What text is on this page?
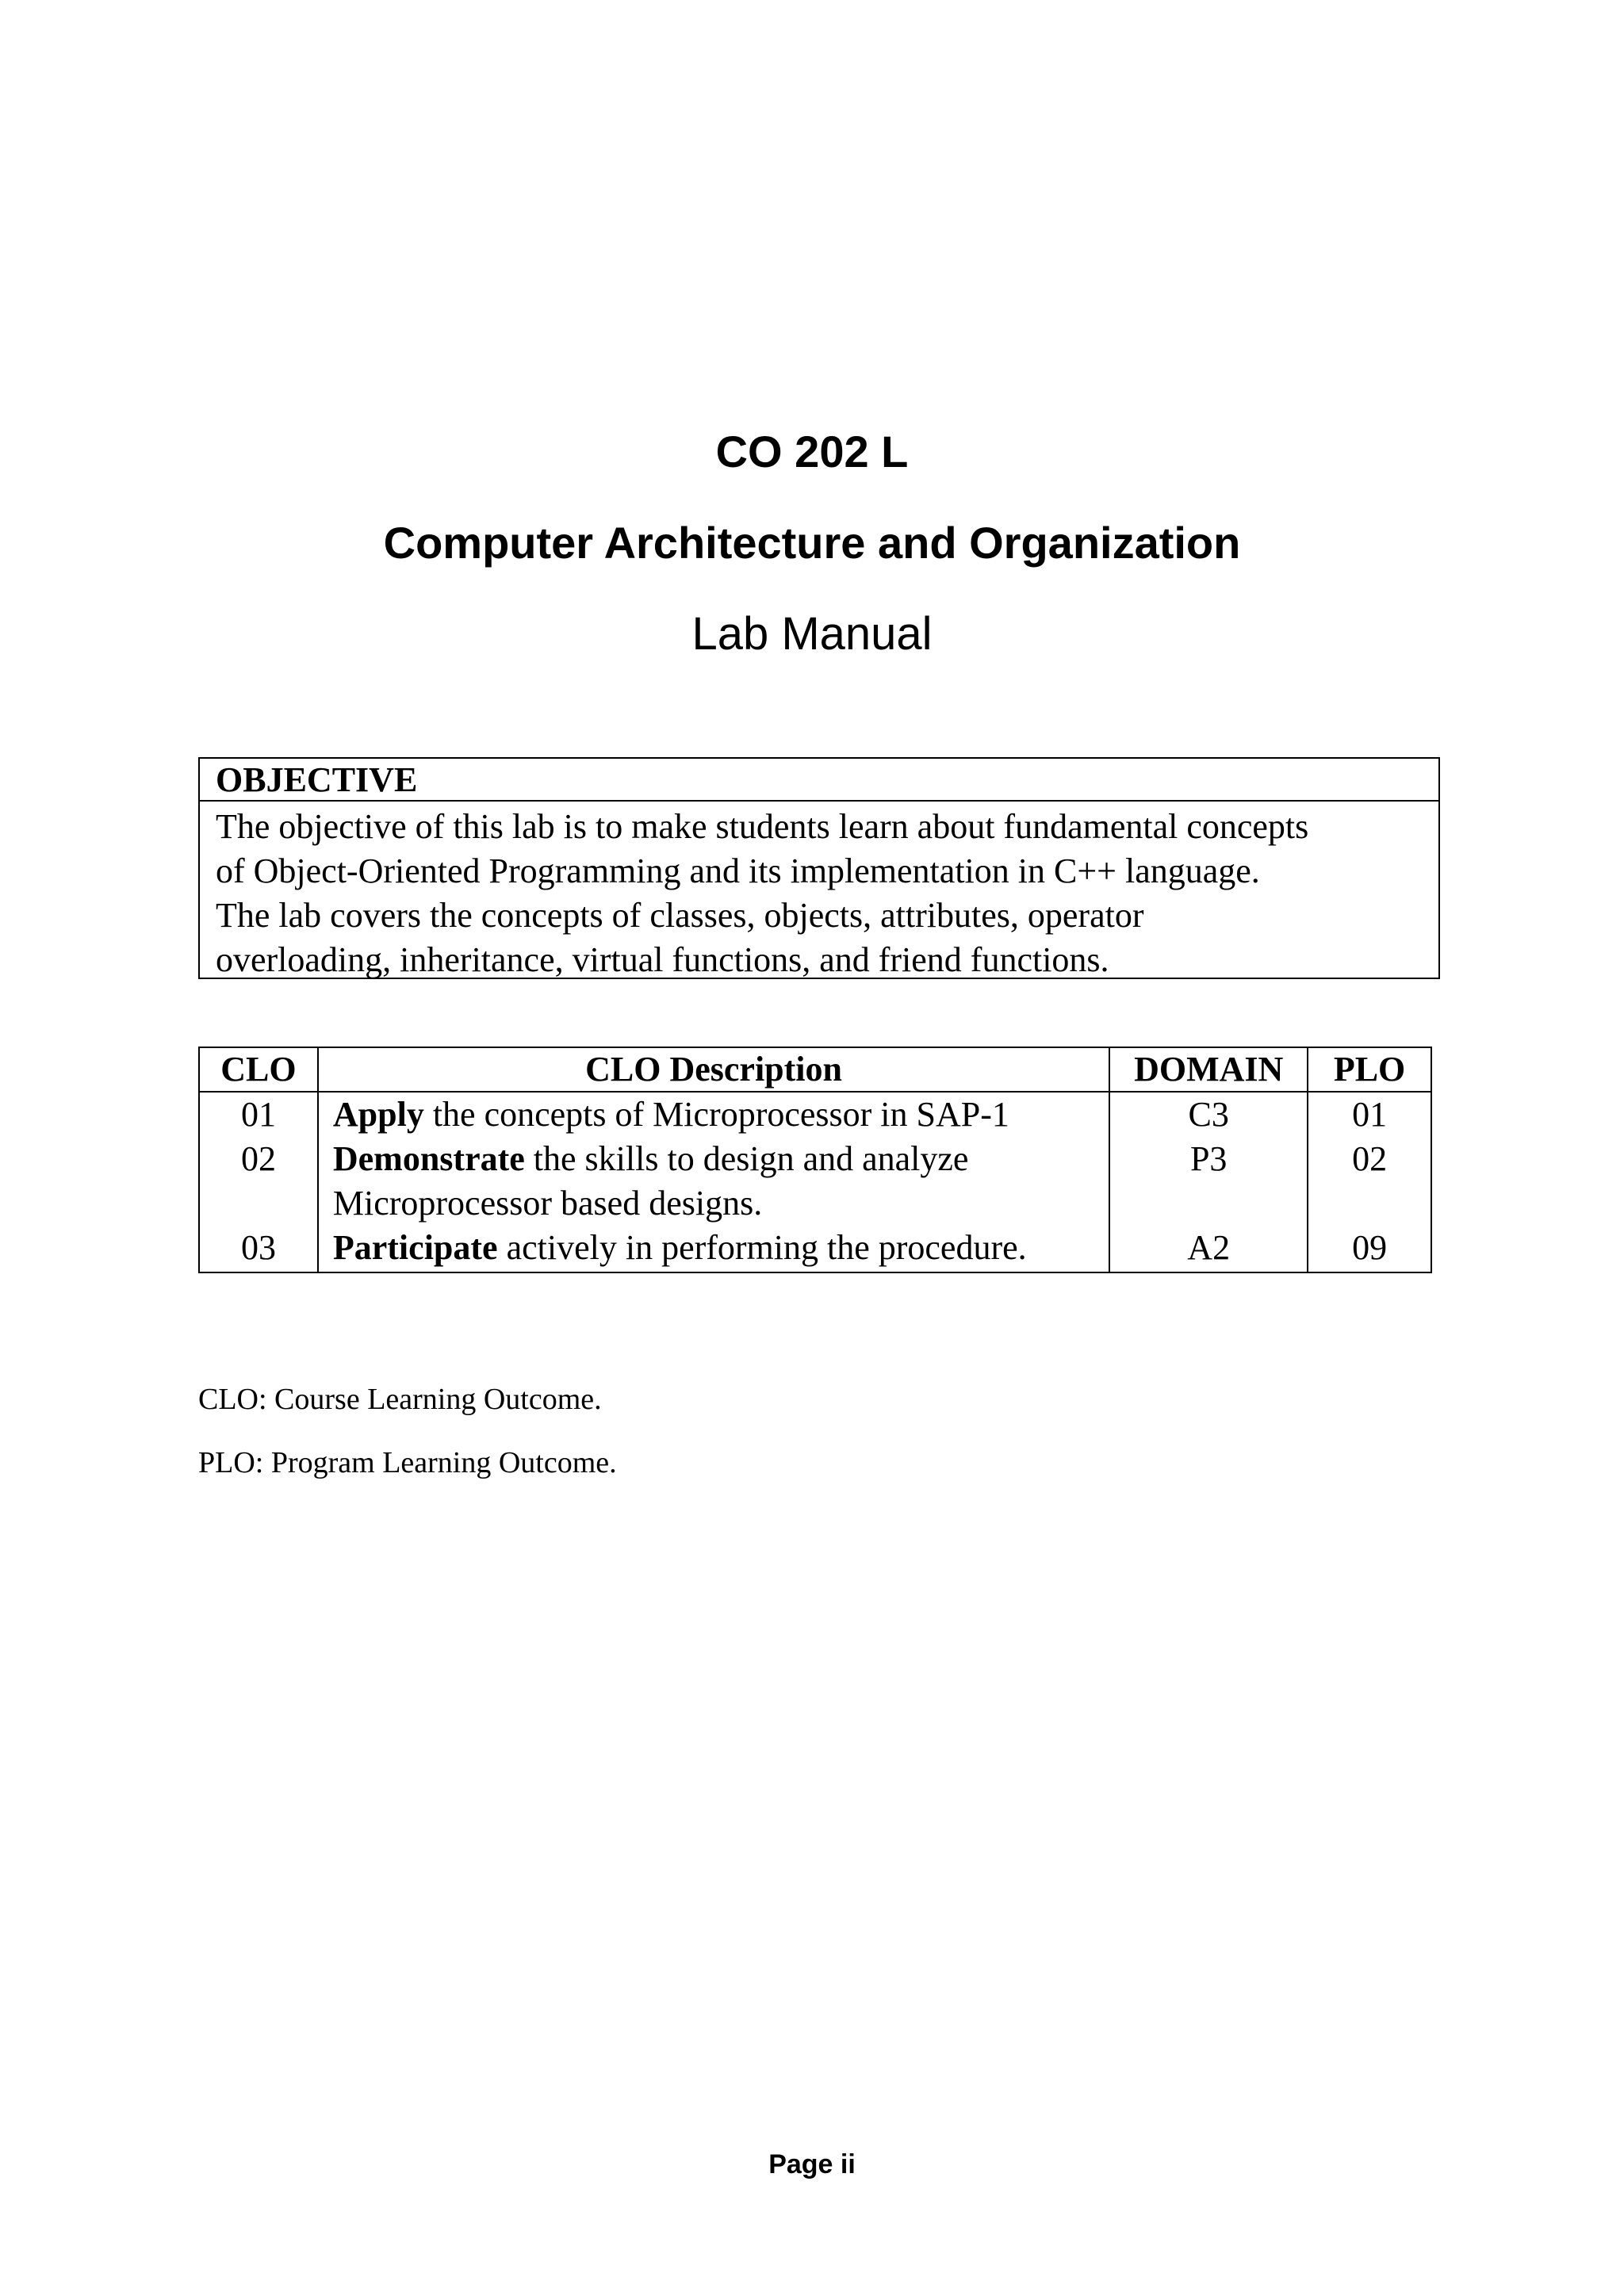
CO 202 L
Computer Architecture and Organization
Lab Manual
OBJECTIVE
The objective of this lab is to make students learn about fundamental concepts
of Object-Oriented Programming and its implementation in C++ language.
The lab covers the concepts of classes, objects, attributes, operator
overloading, inheritance, virtual functions, and friend functions.
CLO	CLO Description	DOMAIN	PLO
01	Apply the concepts of Microprocessor in SAP-1	C3	01
02	Demonstrate the skills to design and analyze Microprocessor based designs.	P3	02
03	Participate actively in performing the procedure.	A2	09
CLO: Course Learning Outcome.
PLO: Program Learning Outcome.
Page ii
